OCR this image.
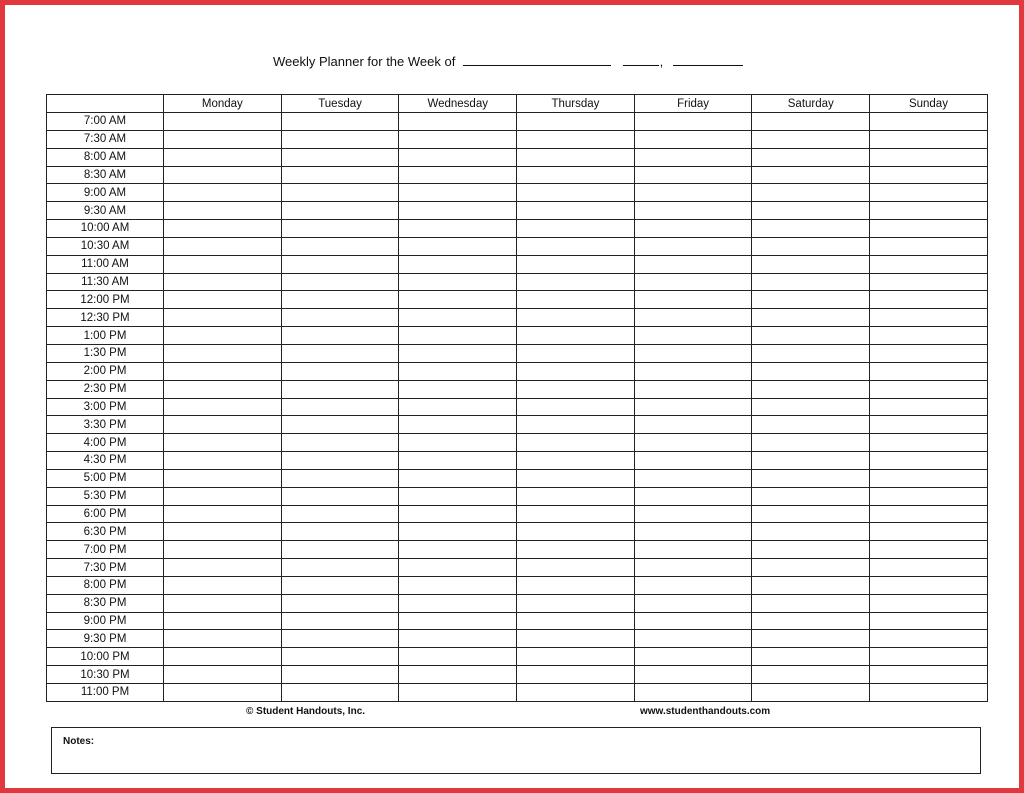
Weekly Planner for the Week of	,
	Monday	Tuesday	Wednesday	Thursday	Friday	Saturday	Sunday
7:00 AM							
7:30 AM							
8:00 AM							
8:30 AM							
9:00 AM							
9:30 AM							
10:00 AM							
10:30 AM							
11:00 AM							
11:30 AM							
12:00 PM							
12:30 PM							
1:00 PM							
1:30 PM							
2:00 PM							
2:30 PM							
3:00 PM							
3:30 PM							
4:00 PM							
4:30 PM							
5:00 PM							
5:30 PM							
6:00 PM							
6:30 PM							
7:00 PM							
7:30 PM							
8:00 PM							
8:30 PM							
9:00 PM							
9:30 PM							
10:00 PM							
10:30 PM							
11:00 PM							
© Student Handouts, Inc.	www.studenthandouts.com
Notes:
